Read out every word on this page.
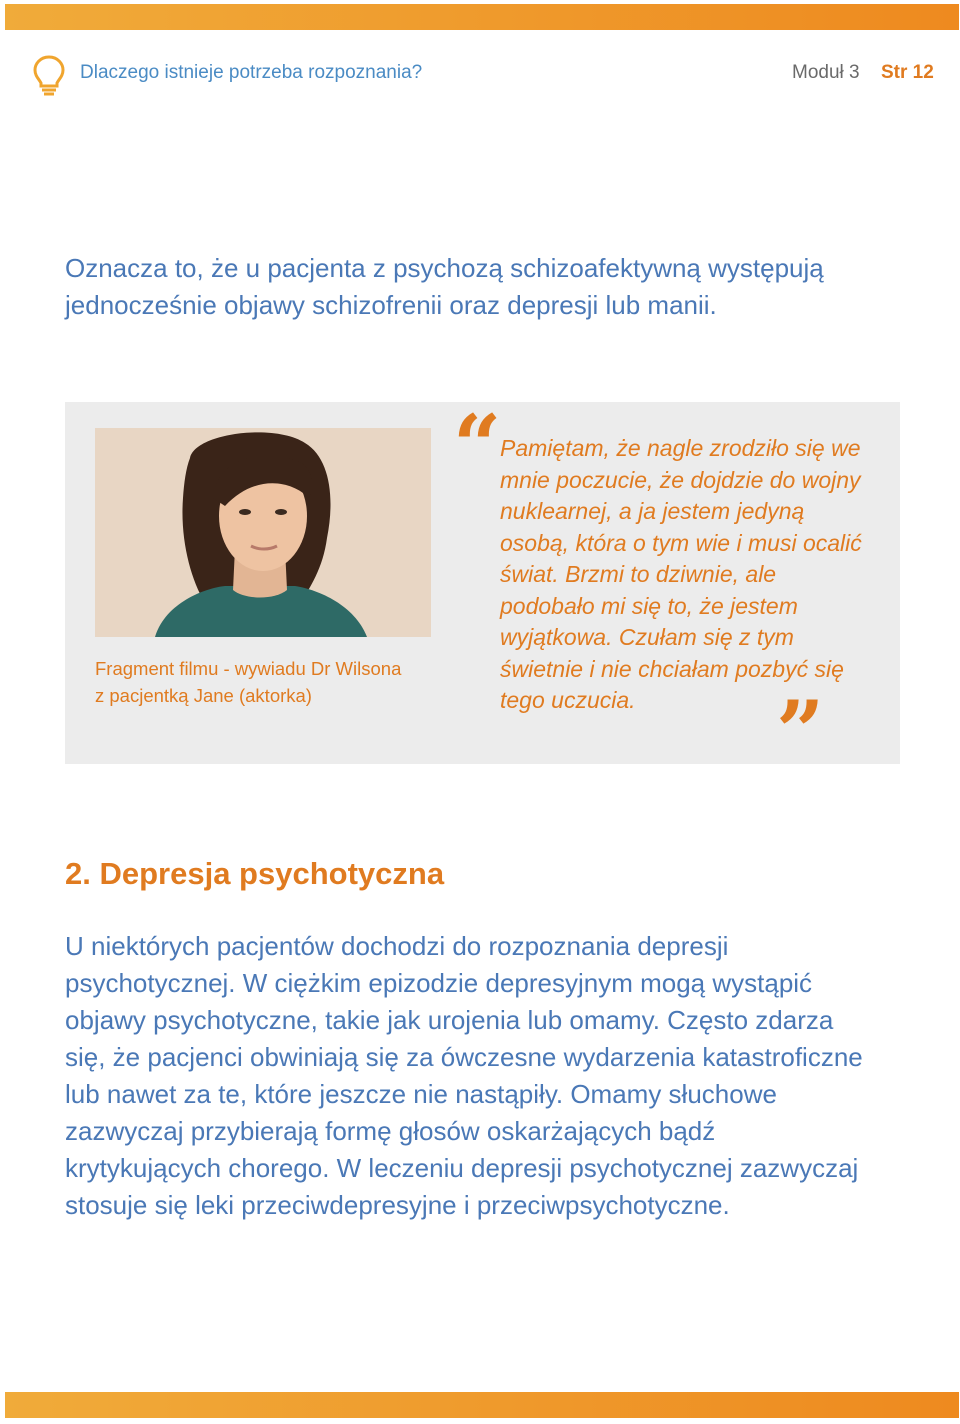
Dlaczego istnieje potrzeba rozpoznania?	Moduł 3 Str 12

Oznacza to, że u pacjenta z psychozą schizoafektywną występują jednocześnie objawy schizofrenii oraz depresji lub manii.

Fragment filmu - wywiadu Dr Wilsona
z pacjentką Jane (aktorka)
“

Pamiętam, że nagle zrodziło się we mnie poczucie, że dojdzie do wojny nuklearnej, a ja jestem jedyną osobą, która o tym wie i musi ocalić świat. Brzmi to dziwnie, ale podobało mi się to, że jestem wyjątkowa. Czułam się z tym świetnie i nie chciałam pozbyć się tego uczucia.	”
2. Depresja psychotyczna

U niektórych pacjentów dochodzi do rozpoznania depresji psychotycznej. W ciężkim epizodzie depresyjnym mogą wystąpić objawy psychotyczne, takie jak urojenia lub omamy. Często zdarza się, że pacjenci obwiniają się za ówczesne wydarzenia katastroficzne lub nawet za te, które jeszcze nie nastąpiły. Omamy słuchowe zazwyczaj przybierają formę głosów oskarżających bądź krytykujących chorego. W leczeniu depresji psychotycznej zazwyczaj stosuje się leki przeciwdepresyjne i przeciwpsychotyczne.
